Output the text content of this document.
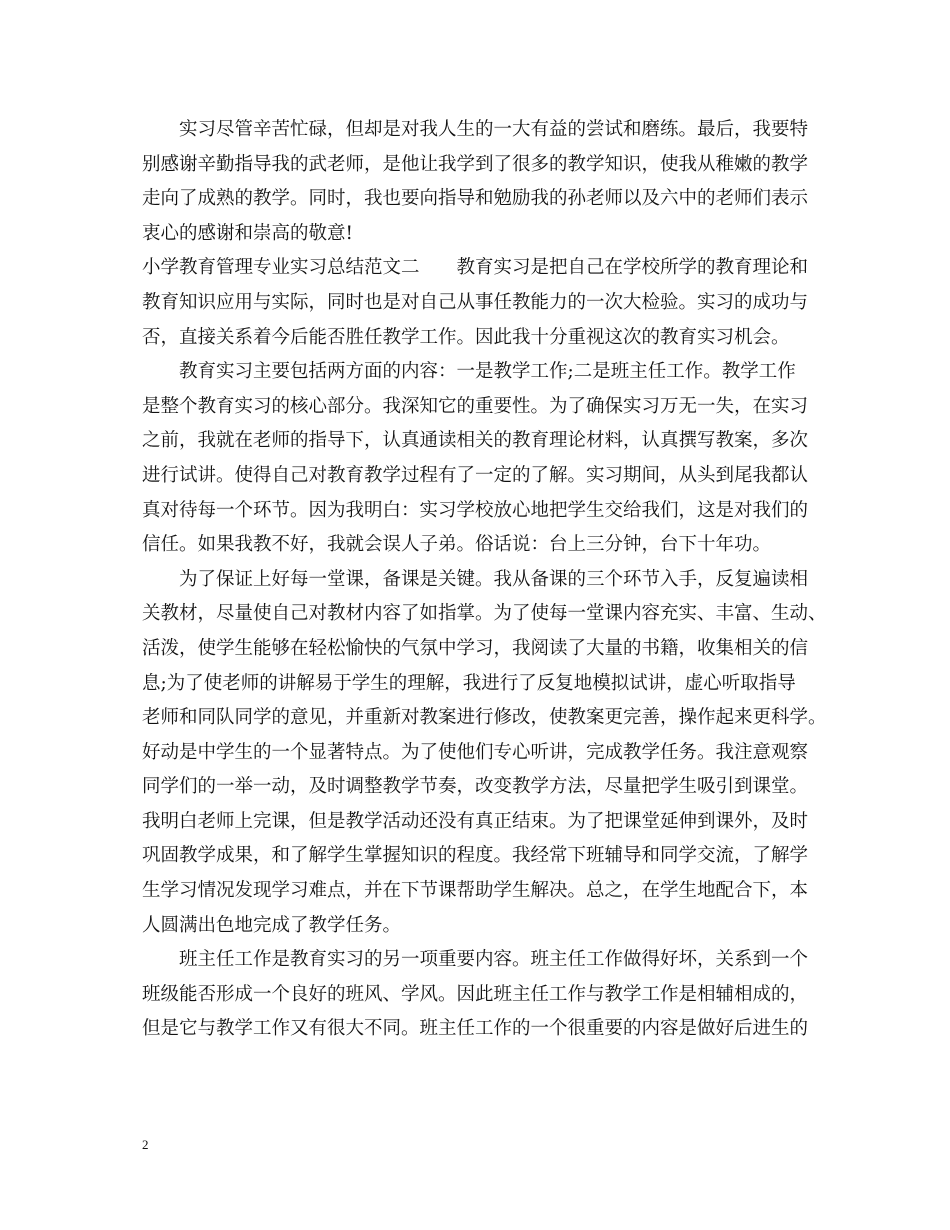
实习尽管辛苦忙碌，但却是对我人生的一大有益的尝试和磨练。最后，我要特
别感谢辛勤指导我的武老师，是他让我学到了很多的教学知识，使我从稚嫩的教学
走向了成熟的教学。同时，我也要向指导和勉励我的孙老师以及六中的老师们表示
衷心的感谢和崇高的敬意!
小学教育管理专业实习总结范文二　　教育实习是把自己在学校所学的教育理论和
教育知识应用与实际，同时也是对自己从事任教能力的一次大检验。实习的成功与
否，直接关系着今后能否胜任教学工作。因此我十分重视这次的教育实习机会。
教育实习主要包括两方面的内容：一是教学工作;二是班主任工作。教学工作
是整个教育实习的核心部分。我深知它的重要性。为了确保实习万无一失，在实习
之前，我就在老师的指导下，认真通读相关的教育理论材料，认真撰写教案，多次
进行试讲。使得自己对教育教学过程有了一定的了解。实习期间，从头到尾我都认
真对待每一个环节。因为我明白：实习学校放心地把学生交给我们，这是对我们的
信任。如果我教不好，我就会误人子弟。俗话说：台上三分钟，台下十年功。
为了保证上好每一堂课，备课是关键。我从备课的三个环节入手，反复遍读相
关教材，尽量使自己对教材内容了如指掌。为了使每一堂课内容充实、丰富、生动、
活泼，使学生能够在轻松愉快的气氛中学习，我阅读了大量的书籍，收集相关的信
息;为了使老师的讲解易于学生的理解，我进行了反复地模拟试讲，虚心听取指导
老师和同队同学的意见，并重新对教案进行修改，使教案更完善，操作起来更科学。
好动是中学生的一个显著特点。为了使他们专心听讲，完成教学任务。我注意观察
同学们的一举一动，及时调整教学节奏，改变教学方法，尽量把学生吸引到课堂。
我明白老师上完课，但是教学活动还没有真正结束。为了把课堂延伸到课外，及时
巩固教学成果，和了解学生掌握知识的程度。我经常下班辅导和同学交流，了解学
生学习情况发现学习难点，并在下节课帮助学生解决。总之，在学生地配合下，本
人圆满出色地完成了教学任务。
班主任工作是教育实习的另一项重要内容。班主任工作做得好坏，关系到一个
班级能否形成一个良好的班风、学风。因此班主任工作与教学工作是相辅相成的，
但是它与教学工作又有很大不同。班主任工作的一个很重要的内容是做好后进生的
2
